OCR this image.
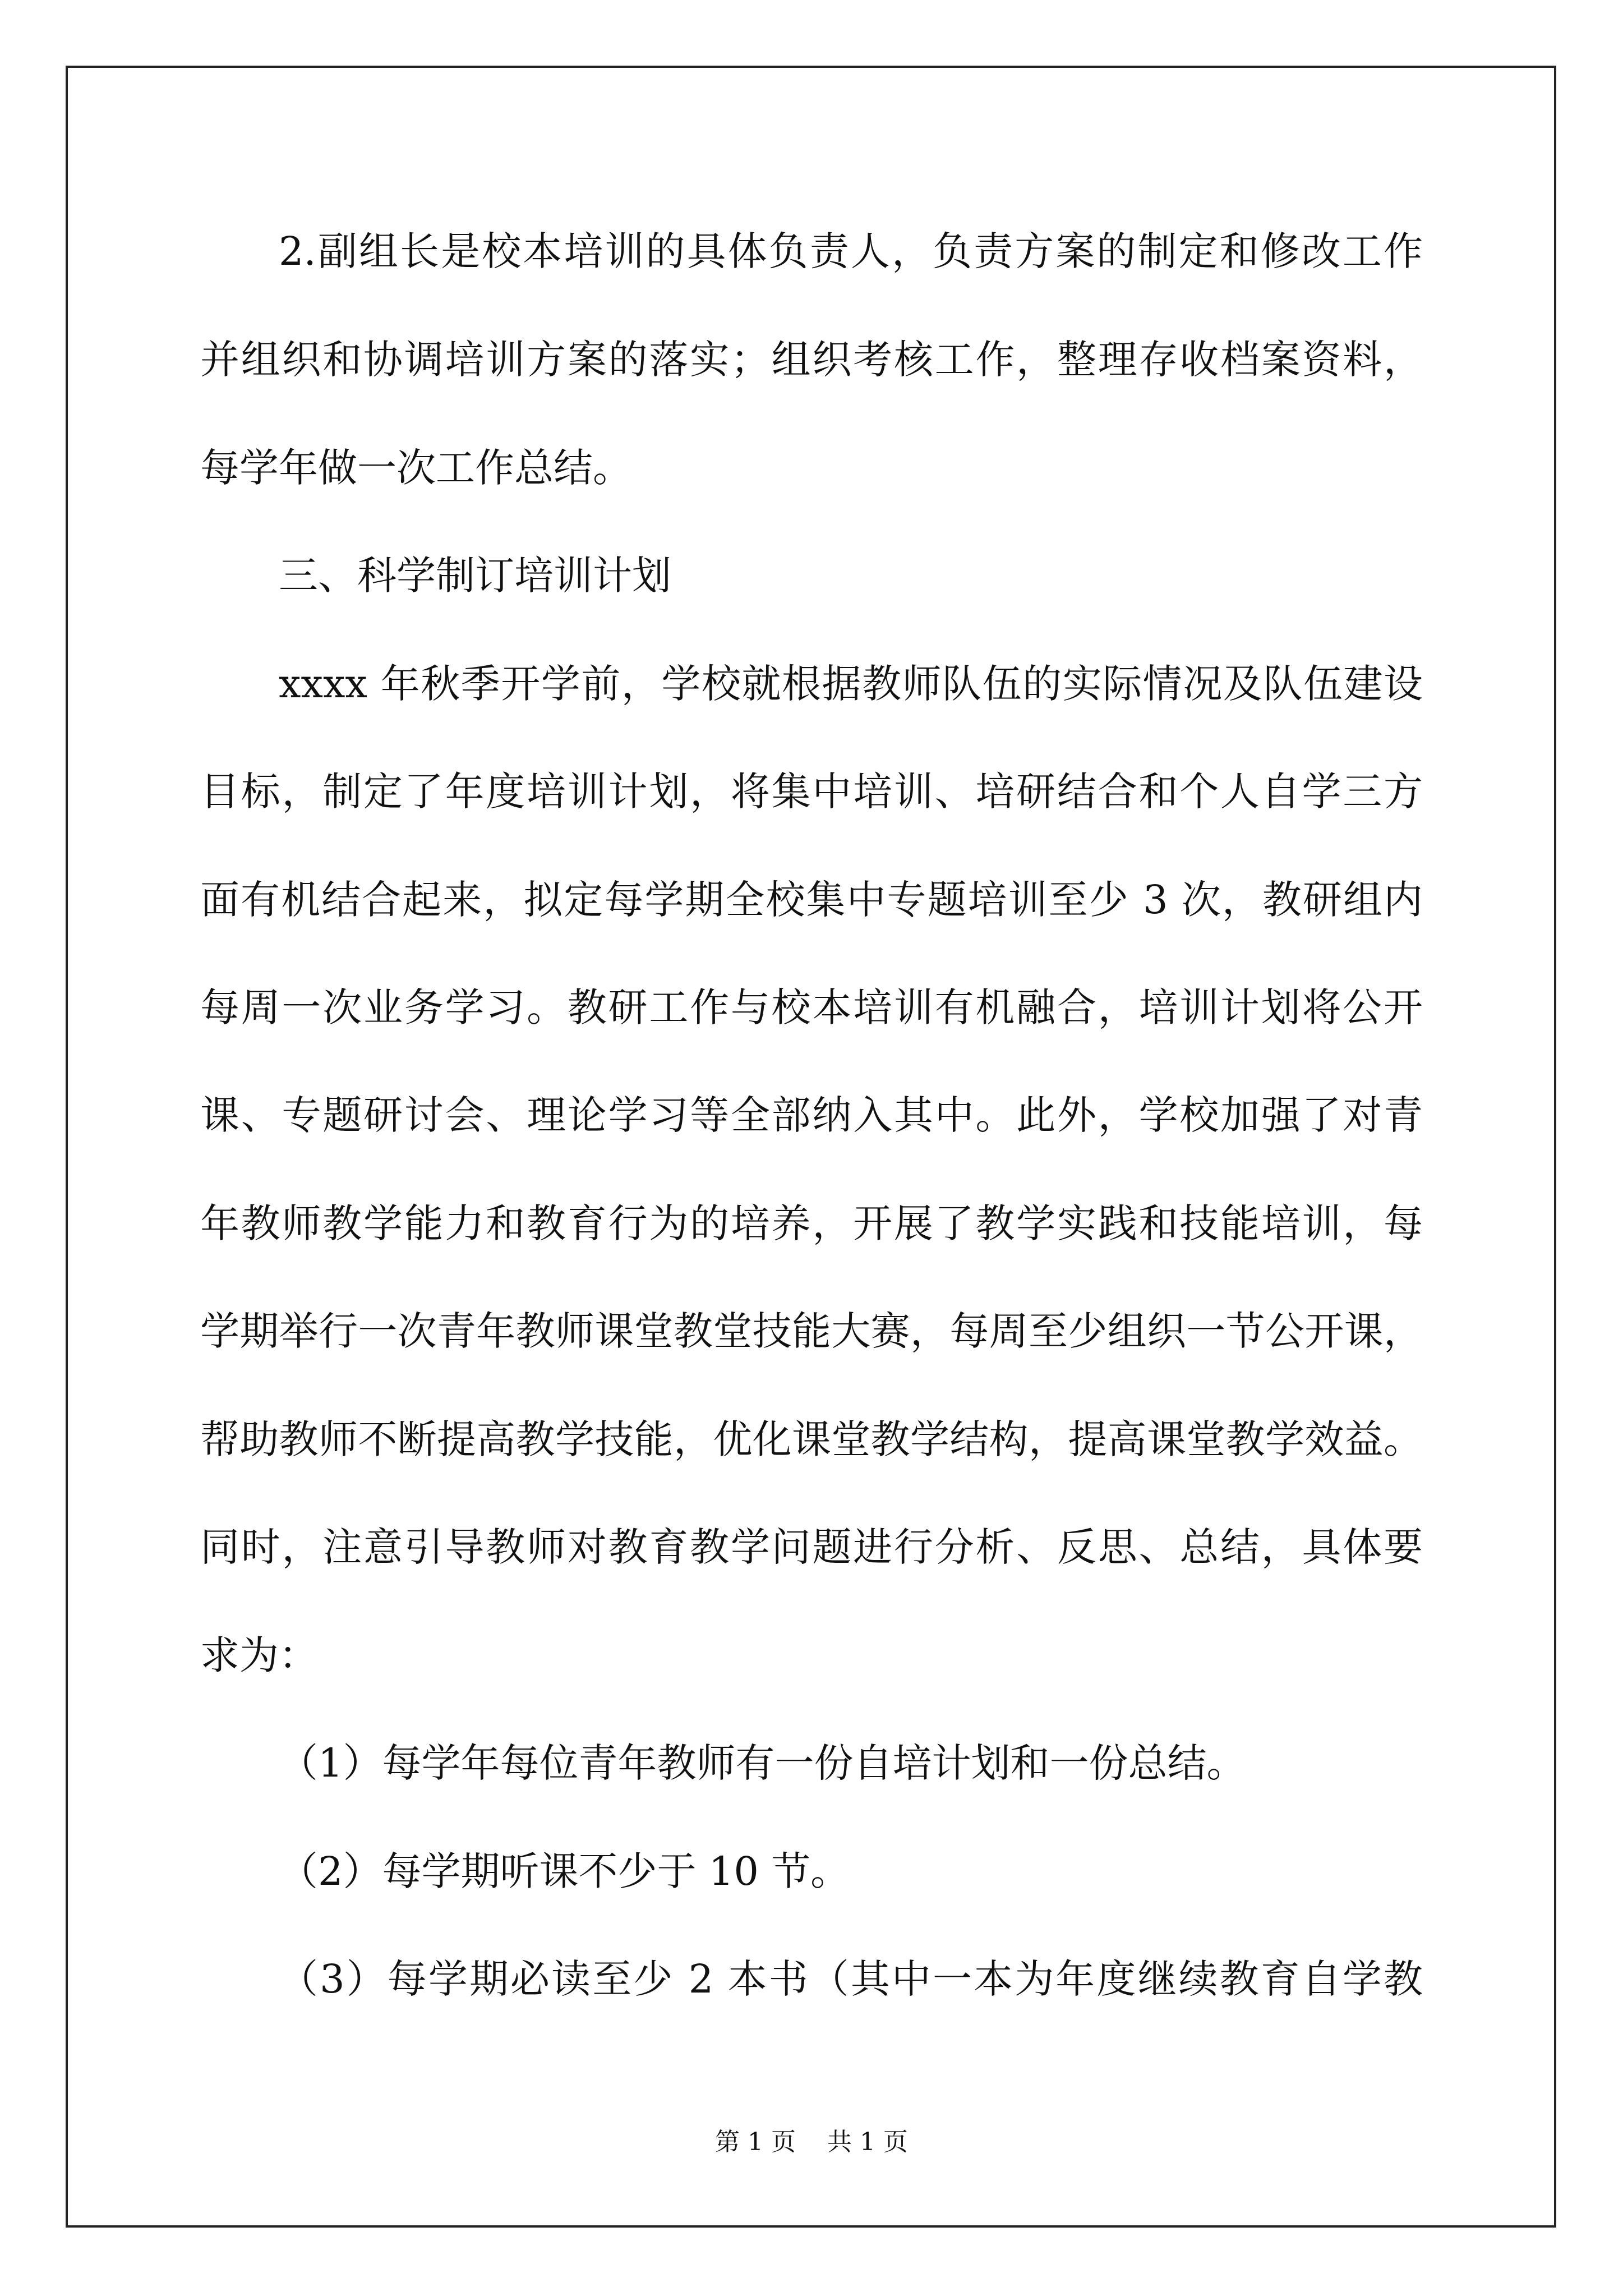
2.副组长是校本培训的具体负责人，负责方案的制定和修改工作
并组织和协调培训方案的落实；组织考核工作，整理存收档案资料，
每学年做一次工作总结。
三、科学制订培训计划
xxxx 年秋季开学前，学校就根据教师队伍的实际情况及队伍建设
目标，制定了年度培训计划，将集中培训、培研结合和个人自学三方
面有机结合起来，拟定每学期全校集中专题培训至少 3 次，教研组内
每周一次业务学习。教研工作与校本培训有机融合，培训计划将公开
课、专题研讨会、理论学习等全部纳入其中。此外，学校加强了对青
年教师教学能力和教育行为的培养，开展了教学实践和技能培训，每
学期举行一次青年教师课堂教堂技能大赛，每周至少组织一节公开课，
帮助教师不断提高教学技能，优化课堂教学结构，提高课堂教学效益。
同时，注意引导教师对教育教学问题进行分析、反思、总结，具体要
求为：
（1）每学年每位青年教师有一份自培计划和一份总结。
（2）每学期听课不少于 10 节。
（3）每学期必读至少 2 本书（其中一本为年度继续教育自学教
第 1 页    共 1 页
